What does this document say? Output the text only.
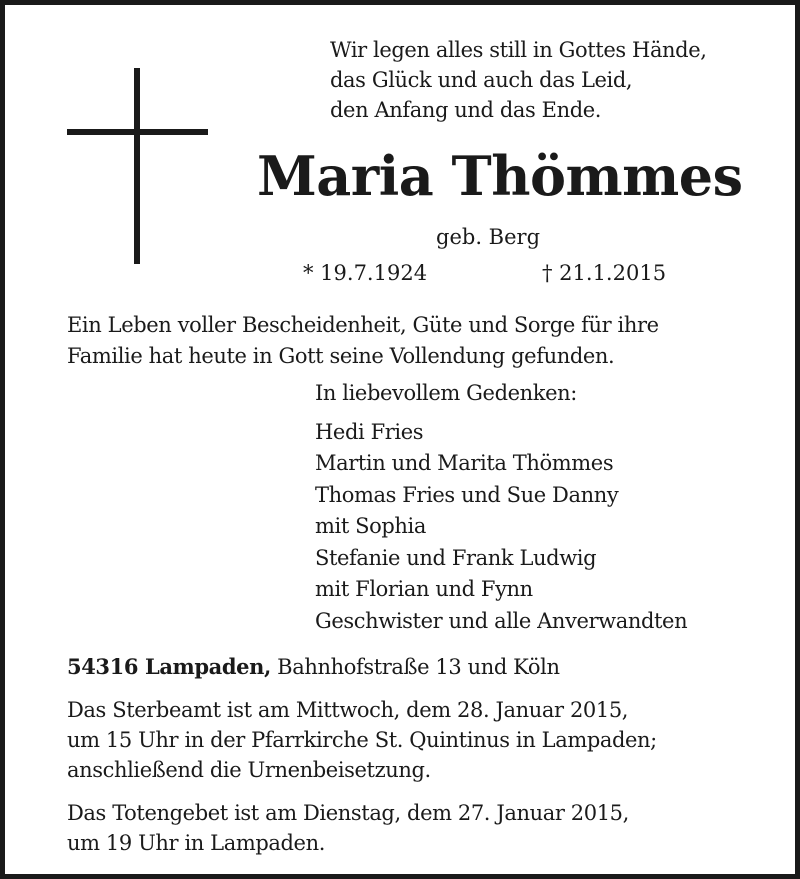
Wir legen alles still in Gottes Hände,
das Glück und auch das Leid,
den Anfang und das Ende.
Maria Thömmes
geb. Berg
* 19.7.1924	† 21.1.2015
Ein Leben voller Bescheidenheit, Güte und Sorge für ihre
Familie hat heute in Gott seine Vollendung gefunden.
In liebevollem Gedenken:
Hedi Fries
Martin und Marita Thömmes
Thomas Fries und Sue Danny
mit Sophia
Stefanie und Frank Ludwig
mit Florian und Fynn
Geschwister und alle Anverwandten
54316 Lampaden, Bahnhofstraße 13 und Köln
Das Sterbeamt ist am Mittwoch, dem 28. Januar 2015,
um 15 Uhr in der Pfarrkirche St. Quintinus in Lampaden;
anschließend die Urnenbeisetzung.
Das Totengebet ist am Dienstag, dem 27. Januar 2015,
um 19 Uhr in Lampaden.
